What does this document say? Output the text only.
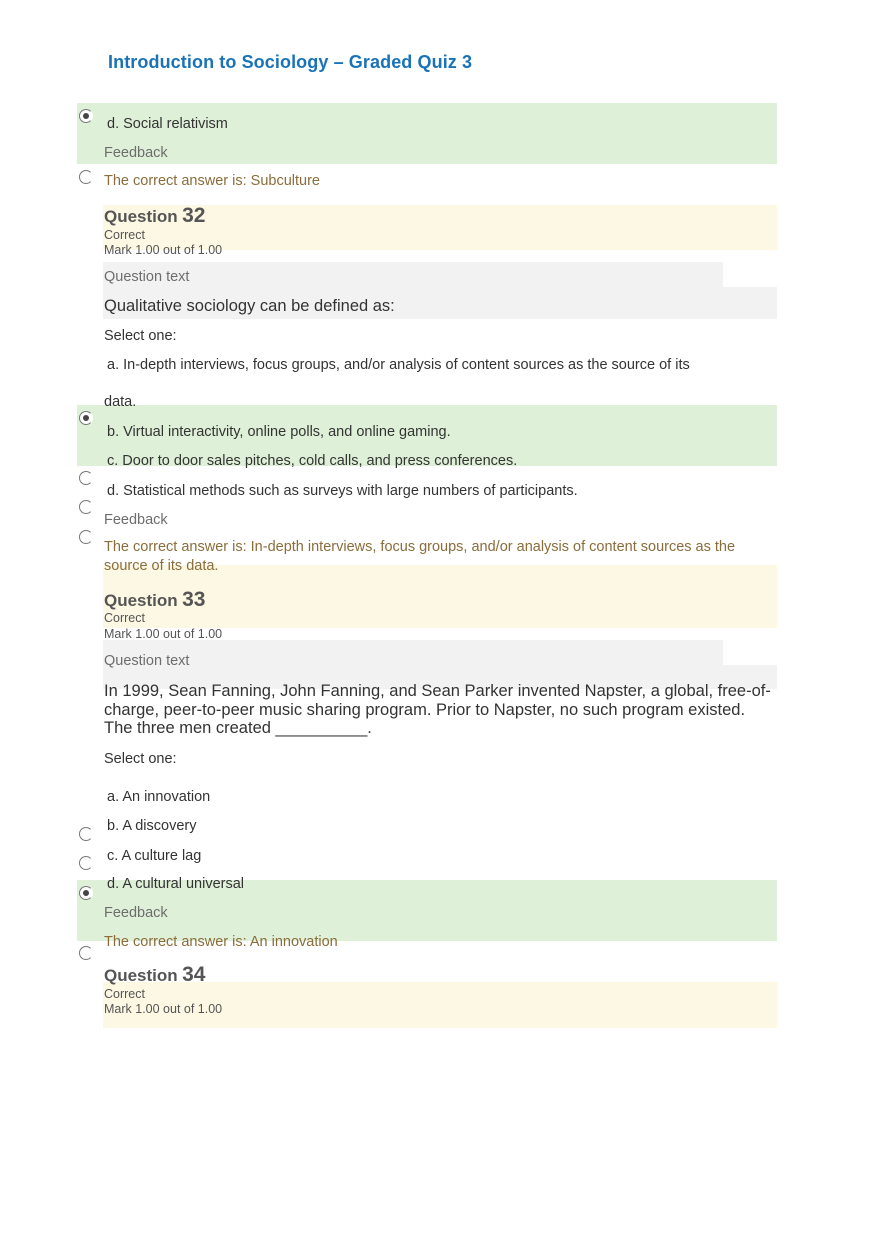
Introduction to Sociology – Graded Quiz 3
d. Social relativism
Feedback
The correct answer is: Subculture
Question 32
Correct
Mark 1.00 out of 1.00
Question text
Qualitative sociology can be defined as:
Select one:
a. In-depth interviews, focus groups, and/or analysis of content sources as the source of its
data.
b. Virtual interactivity, online polls, and online gaming.
c. Door to door sales pitches, cold calls, and press conferences.
d. Statistical methods such as surveys with large numbers of participants.
Feedback
The correct answer is: In-depth interviews, focus groups, and/or analysis of content sources as the
source of its data.
Question 33
Correct
Mark 1.00 out of 1.00
Question text
In 1999, Sean Fanning, John Fanning, and Sean Parker invented Napster, a global, free-of-
charge, peer-to-peer music sharing program. Prior to Napster, no such program existed.
The three men created __________.
Select one:
a. An innovation
b. A discovery
c. A culture lag
d. A cultural universal
Feedback
The correct answer is: An innovation
Question 34
Correct
Mark 1.00 out of 1.00
